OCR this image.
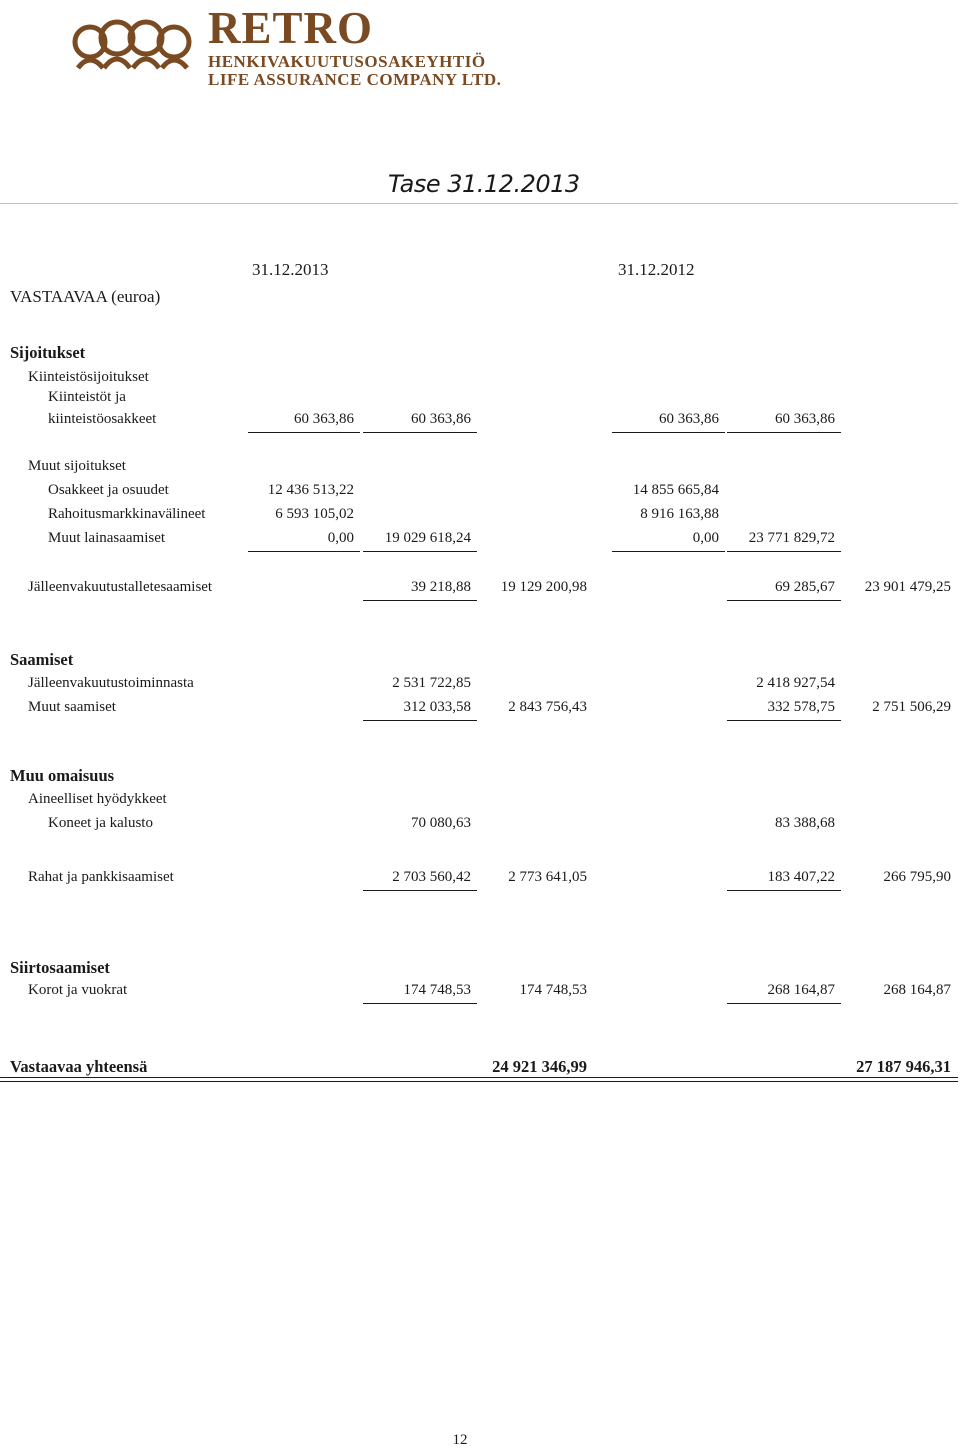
RETRO
HENKIVAKUUTUSOSAKEYHTIÖ
LIFE ASSURANCE COMPANY LTD.
Tase 31.12.2013
VASTAAVAA (euroa)
31.12.2013	31.12.2012
Sijoitukset
Kiinteistösijoitukset
Kiinteistöt ja
kiinteistöosakkeet	60 363,86	60 363,86	60 363,86	60 363,86
Muut sijoitukset
Osakkeet ja osuudet	12 436 513,22	14 855 665,84
Rahoitusmarkkinavälineet	6 593 105,02	8 916 163,88
Muut lainasaamiset	0,00 19 029 618,24	0,00 23 771 829,72
Jälleenvakuutustalletesaamiset	39 218,88 19 129 200,98	69 285,67 23 901 479,25
Saamiset
Jälleenvakuutustoiminnasta	2 531 722,85	2 418 927,54
Muut saamiset	312 033,58 2 843 756,43	332 578,75 2 751 506,29
Muu omaisuus
Aineelliset hyödykkeet
Koneet ja kalusto	70 080,63	83 388,68
Rahat ja pankkisaamiset	2 703 560,42 2 773 641,05	183 407,22	266 795,90
Siirtosaamiset
Korot ja vuokrat	174 748,53	174 748,53	268 164,87	268 164,87
Vastaavaa yhteensä	24 921 346,99	27 187 946,31
12
